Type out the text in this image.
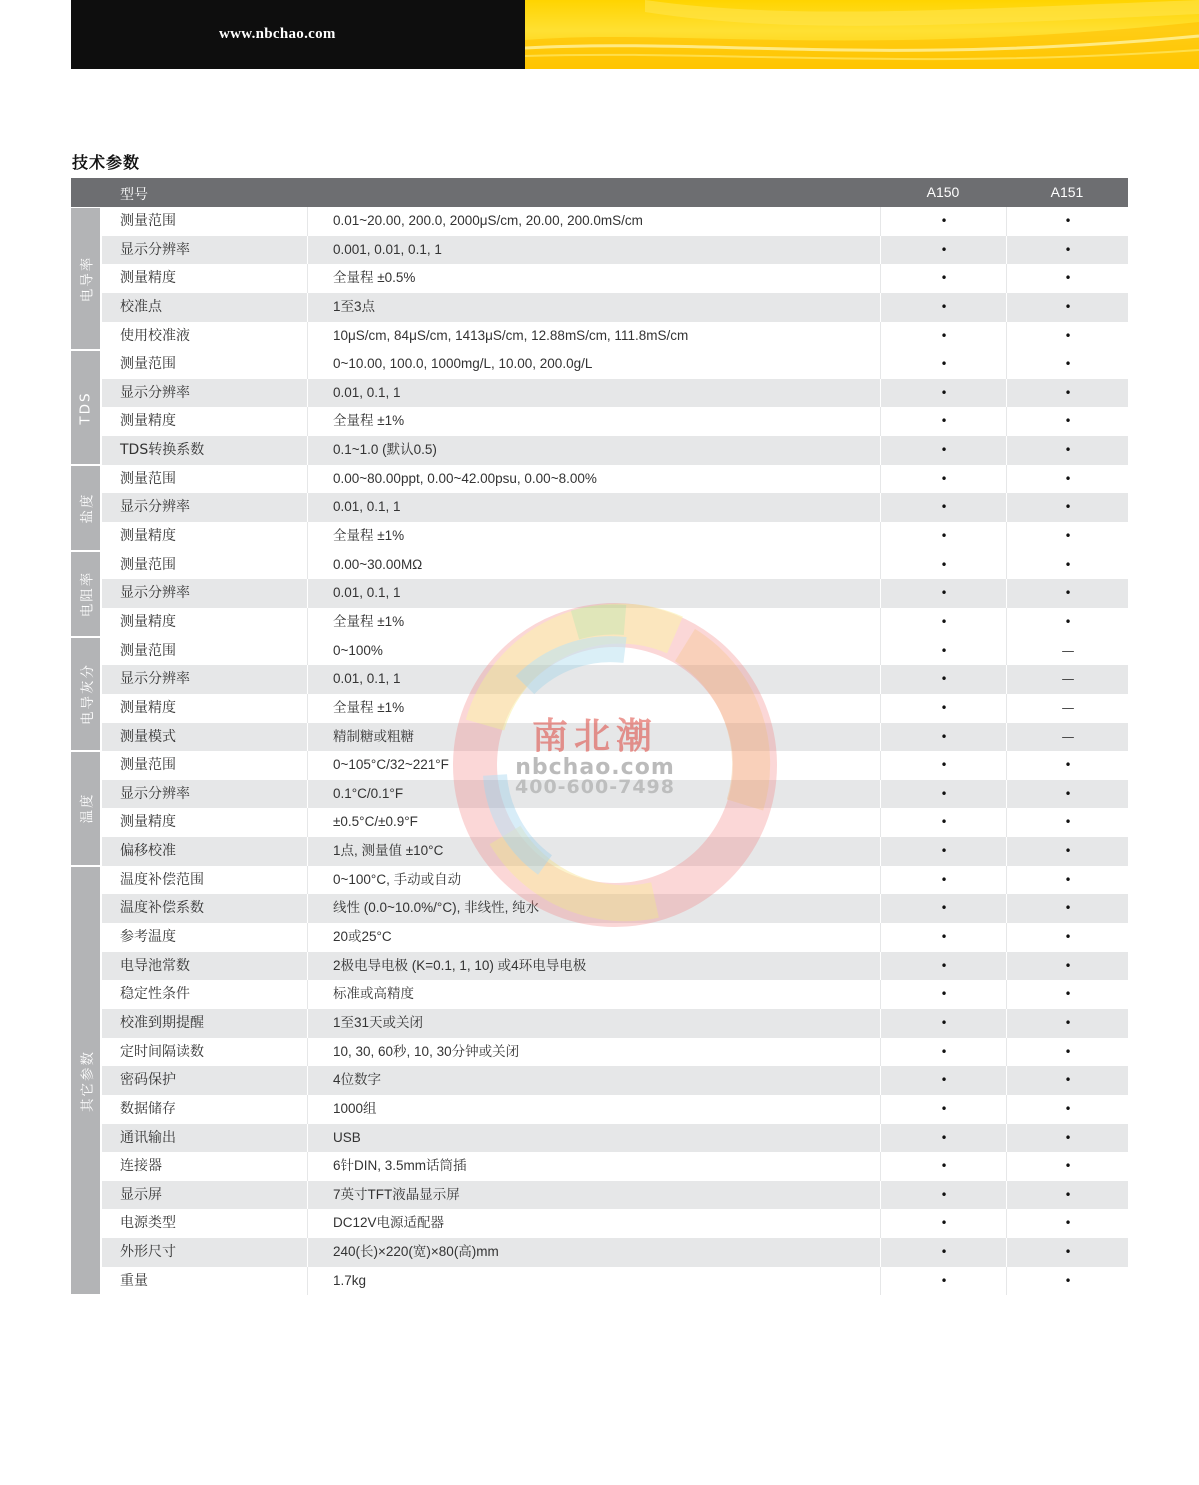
www.nbchao.com
技术参数
型号	A150	A151
电导率
测量范围	0.01~20.00, 200.0, 2000μS/cm, 20.00, 200.0mS/cm	•	•
显示分辨率	0.001, 0.01, 0.1, 1	•	•
测量精度	全量程 ±0.5%	•	•
校准点	1至3点	•	•
使用校准液	10μS/cm, 84μS/cm, 1413μS/cm, 12.88mS/cm, 111.8mS/cm	•	•
TDS
测量范围	0~10.00, 100.0, 1000mg/L, 10.00, 200.0g/L	•	•
显示分辨率	0.01, 0.1, 1	•	•
测量精度	全量程 ±1%	•	•
TDS转换系数	0.1~1.0 (默认0.5)	•	•
盐度
测量范围	0.00~80.00ppt, 0.00~42.00psu, 0.00~8.00%	•	•
显示分辨率	0.01, 0.1, 1	•	•
测量精度	全量程 ±1%	•	•
电阻率
测量范围	0.00~30.00MΩ	•	•
显示分辨率	0.01, 0.1, 1	•	•
测量精度	全量程 ±1%	•	•
电导灰分
测量范围	0~100%	•	—
显示分辨率	0.01, 0.1, 1	•	—
测量精度	全量程 ±1%	•	—
测量模式	精制糖或粗糖	•	—
温度
测量范围	0~105°C/32~221°F	•	•
显示分辨率	0.1°C/0.1°F	•	•
测量精度	±0.5°C/±0.9°F	•	•
偏移校准	1点, 测量值 ±10°C	•	•
其它参数
温度补偿范围	0~100°C, 手动或自动	•	•
温度补偿系数	线性 (0.0~10.0%/°C), 非线性, 纯水	•	•
参考温度	20或25°C	•	•
电导池常数	2极电导电极 (K=0.1, 1, 10) 或4环电导电极	•	•
稳定性条件	标准或高精度	•	•
校准到期提醒	1至31天或关闭	•	•
定时间隔读数	10, 30, 60秒, 10, 30分钟或关闭	•	•
密码保护	4位数字	•	•
数据储存	1000组	•	•
通讯输出	USB	•	•
连接器	6针DIN, 3.5mm话筒插	•	•
显示屏	7英寸TFT液晶显示屏	•	•
电源类型	DC12V电源适配器	•	•
外形尺寸	240(长)×220(宽)×80(高)mm	•	•
重量	1.7kg	•	•
南北潮
nbchao.com
400-600-7498
